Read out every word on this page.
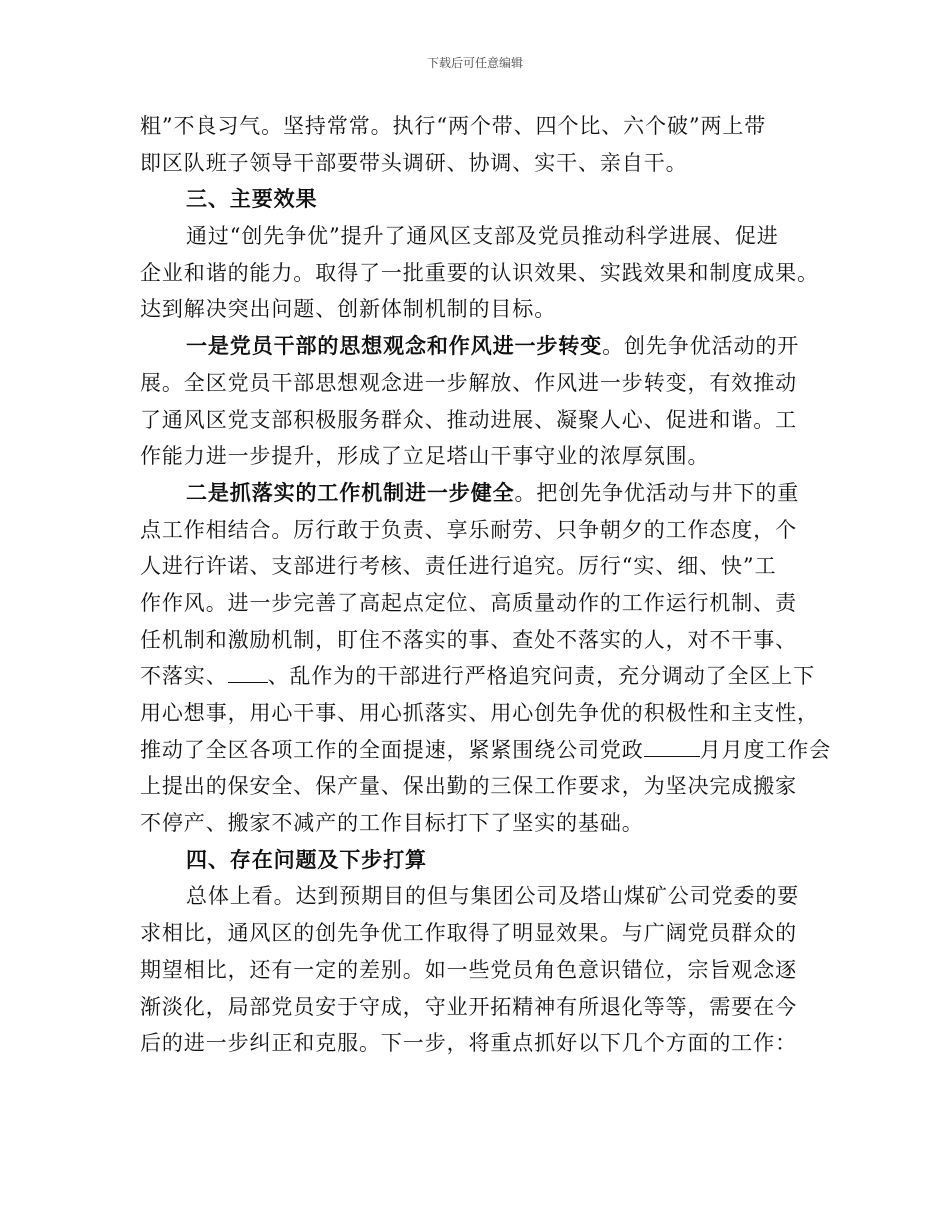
下载后可任意编辑
粗”不良习气。坚持常常。执行“两个带、四个比、六个破”两上带
即区队班子领导干部要带头调研、协调、实干、亲自干。
三、主要效果
通过“创先争优”提升了通风区支部及党员推动科学进展、促进
企业和谐的能力。取得了一批重要的认识效果、实践效果和制度成果。
达到解决突出问题、创新体制机制的目标。
一是党员干部的思想观念和作风进一步转变。创先争优活动的开
展。全区党员干部思想观念进一步解放、作风进一步转变，有效推动
了通风区党支部积极服务群众、推动进展、凝聚人心、促进和谐。工
作能力进一步提升，形成了立足塔山干事守业的浓厚氛围。
二是抓落实的工作机制进一步健全。把创先争优活动与井下的重
点工作相结合。厉行敢于负责、享乐耐劳、只争朝夕的工作态度，个
人进行许诺、支部进行考核、责任进行追究。厉行“实、细、快”工
作作风。进一步完善了高起点定位、高质量动作的工作运行机制、责
任机制和激励机制，盯住不落实的事、查处不落实的人，对不干事、
不落实、 、乱作为的干部进行严格追究问责，充分调动了全区上下
用心想事，用心干事、用心抓落实、用心创先争优的积极性和主支性，
推动了全区各项工作的全面提速，紧紧围绕公司党政	月月度工作会
上提出的保安全、保产量、保出勤的三保工作要求，为坚决完成搬家
不停产、搬家不减产的工作目标打下了坚实的基础。
四、存在问题及下步打算
总体上看。达到预期目的但与集团公司及塔山煤矿公司党委的要
求相比，通风区的创先争优工作取得了明显效果。与广阔党员群众的
期望相比，还有一定的差别。如一些党员角色意识错位，宗旨观念逐
渐淡化，局部党员安于守成，守业开拓精神有所退化等等，需要在今
后的进一步纠正和克服。下一步，将重点抓好以下几个方面的工作：
